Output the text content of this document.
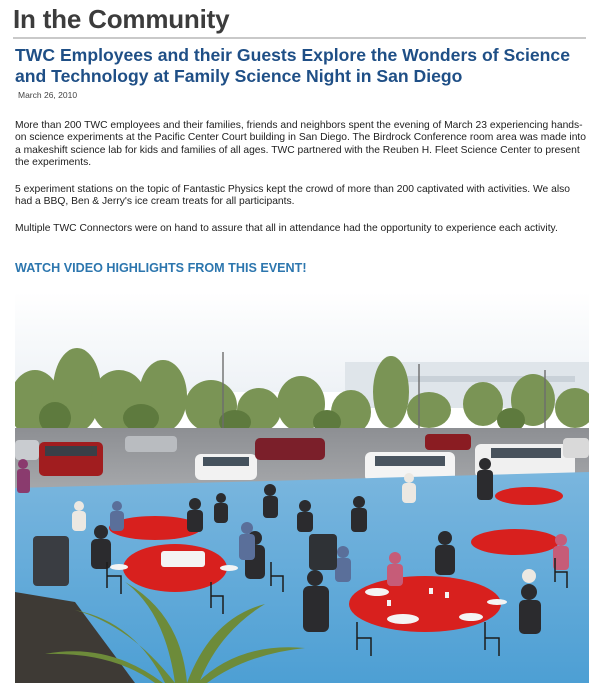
In the Community
TWC Employees and their Guests Explore the Wonders of Science and Technology at Family Science Night in San Diego
March 26, 2010

More than 200 TWC employees and their families, friends and neighbors spent the evening of March 23 experiencing hands-on science experiments at the Pacific Center Court building in San Diego. The Birdrock Conference room area was made into a makeshift science lab for kids and families of all ages. TWC partnered with the Reuben H. Fleet Science Center to present the experiments.

5 experiment stations on the topic of Fantastic Physics kept the crowd of more than 200 captivated with activities. We also had a BBQ, Ben & Jerry's ice cream treats for all participants.

Multiple TWC Connectors were on hand to assure that all in attendance had the opportunity to experience each activity.

WATCH VIDEO HIGHLIGHTS FROM THIS EVENT!
